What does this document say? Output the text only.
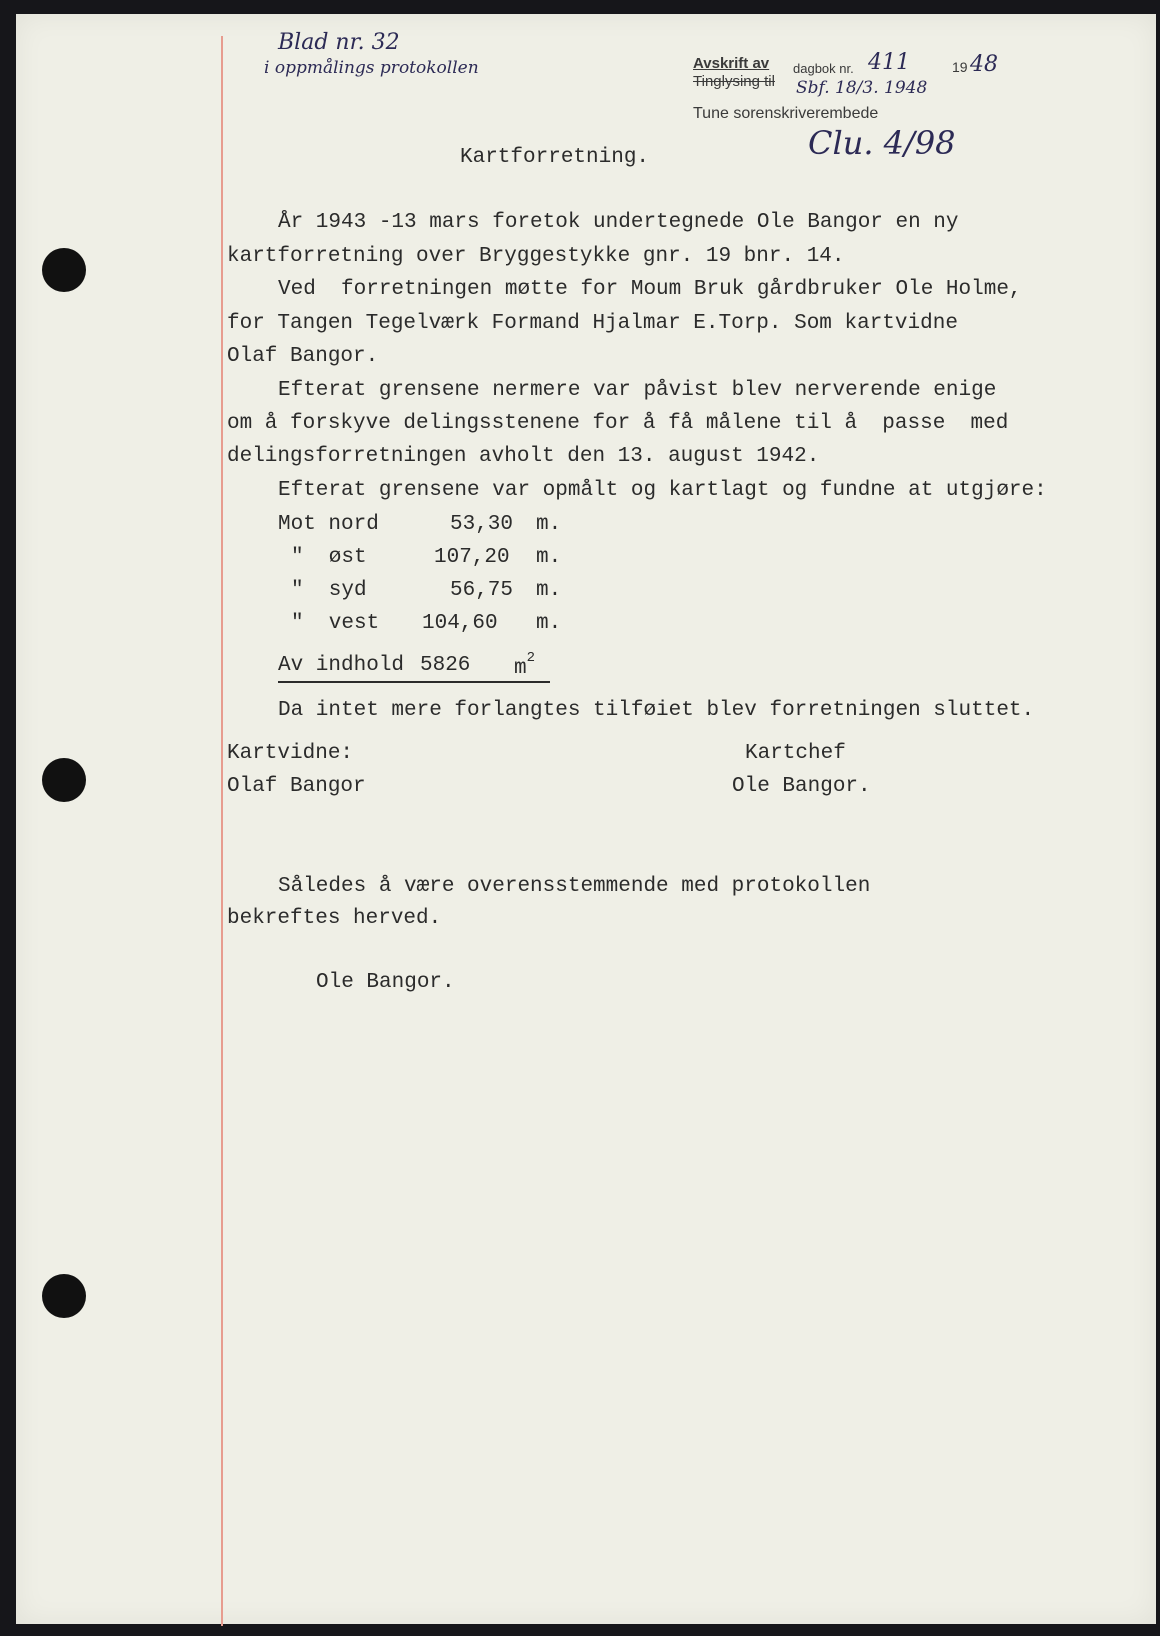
Blad nr. 32
i oppmålings protokollen	Avskrift av
Tinglysing til
dagbok nr. 411	19 48
Sbf. 18/3. 1948
Tune sorenskriverembede
Clu. 4/98
Kartforretning.
År 1943 -13 mars foretok undertegnede Ole Bangor en ny
kartforretning over Bryggestykke gnr. 19 bnr. 14.
Ved  forretningen møtte for Moum Bruk gårdbruker Ole Holme,
for Tangen Tegelværk Formand Hjalmar E.Torp. Som kartvidne
Olaf Bangor.
Efterat grensene nermere var påvist blev nerverende enige
om å forskyve delingsstenene for å få målene til å  passe  med
delingsforretningen avholt den 13. august 1942.
Efterat grensene var opmålt og kartlagt og fundne at utgjøre:
Mot nord	53,30 m.
"  øst	107,20 m.
"  syd	56,75 m.
"  vest 104,60 m.
Av indhold 5826 $m^2$
Da intet mere forlangtes tilføiet blev forretningen sluttet.
Kartvidne:
Olaf Bangor
Kartchef
Ole Bangor.
Således å være overensstemmende med protokollen
bekreftes herved.
Ole Bangor.
